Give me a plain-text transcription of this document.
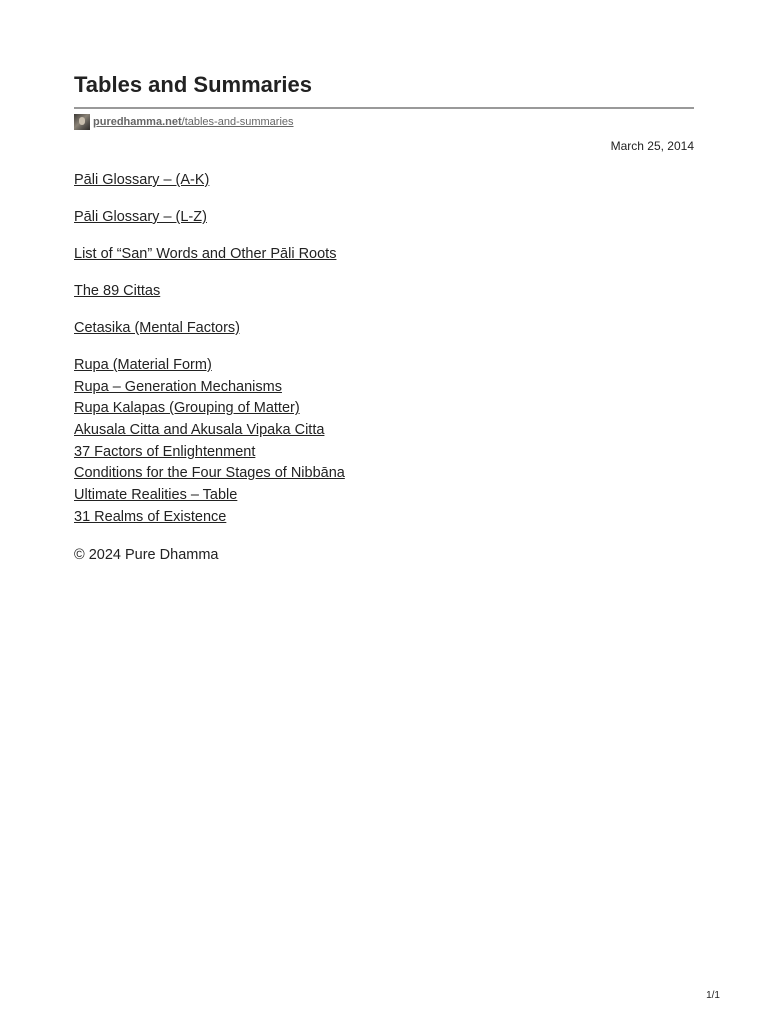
Tables and Summaries
puredhamma.net/tables-and-summaries
March 25, 2014
Pāli Glossary – (A-K)
Pāli Glossary – (L-Z)
List of “San” Words and Other Pāli Roots
The 89 Cittas
Cetasika (Mental Factors)
Rupa (Material Form)
Rupa – Generation Mechanisms
Rupa Kalapas (Grouping of Matter)
Akusala Citta and Akusala Vipaka Citta
37 Factors of Enlightenment
Conditions for the Four Stages of Nibbāna
Ultimate Realities – Table
31 Realms of Existence
© 2024 Pure Dhamma
1/1
